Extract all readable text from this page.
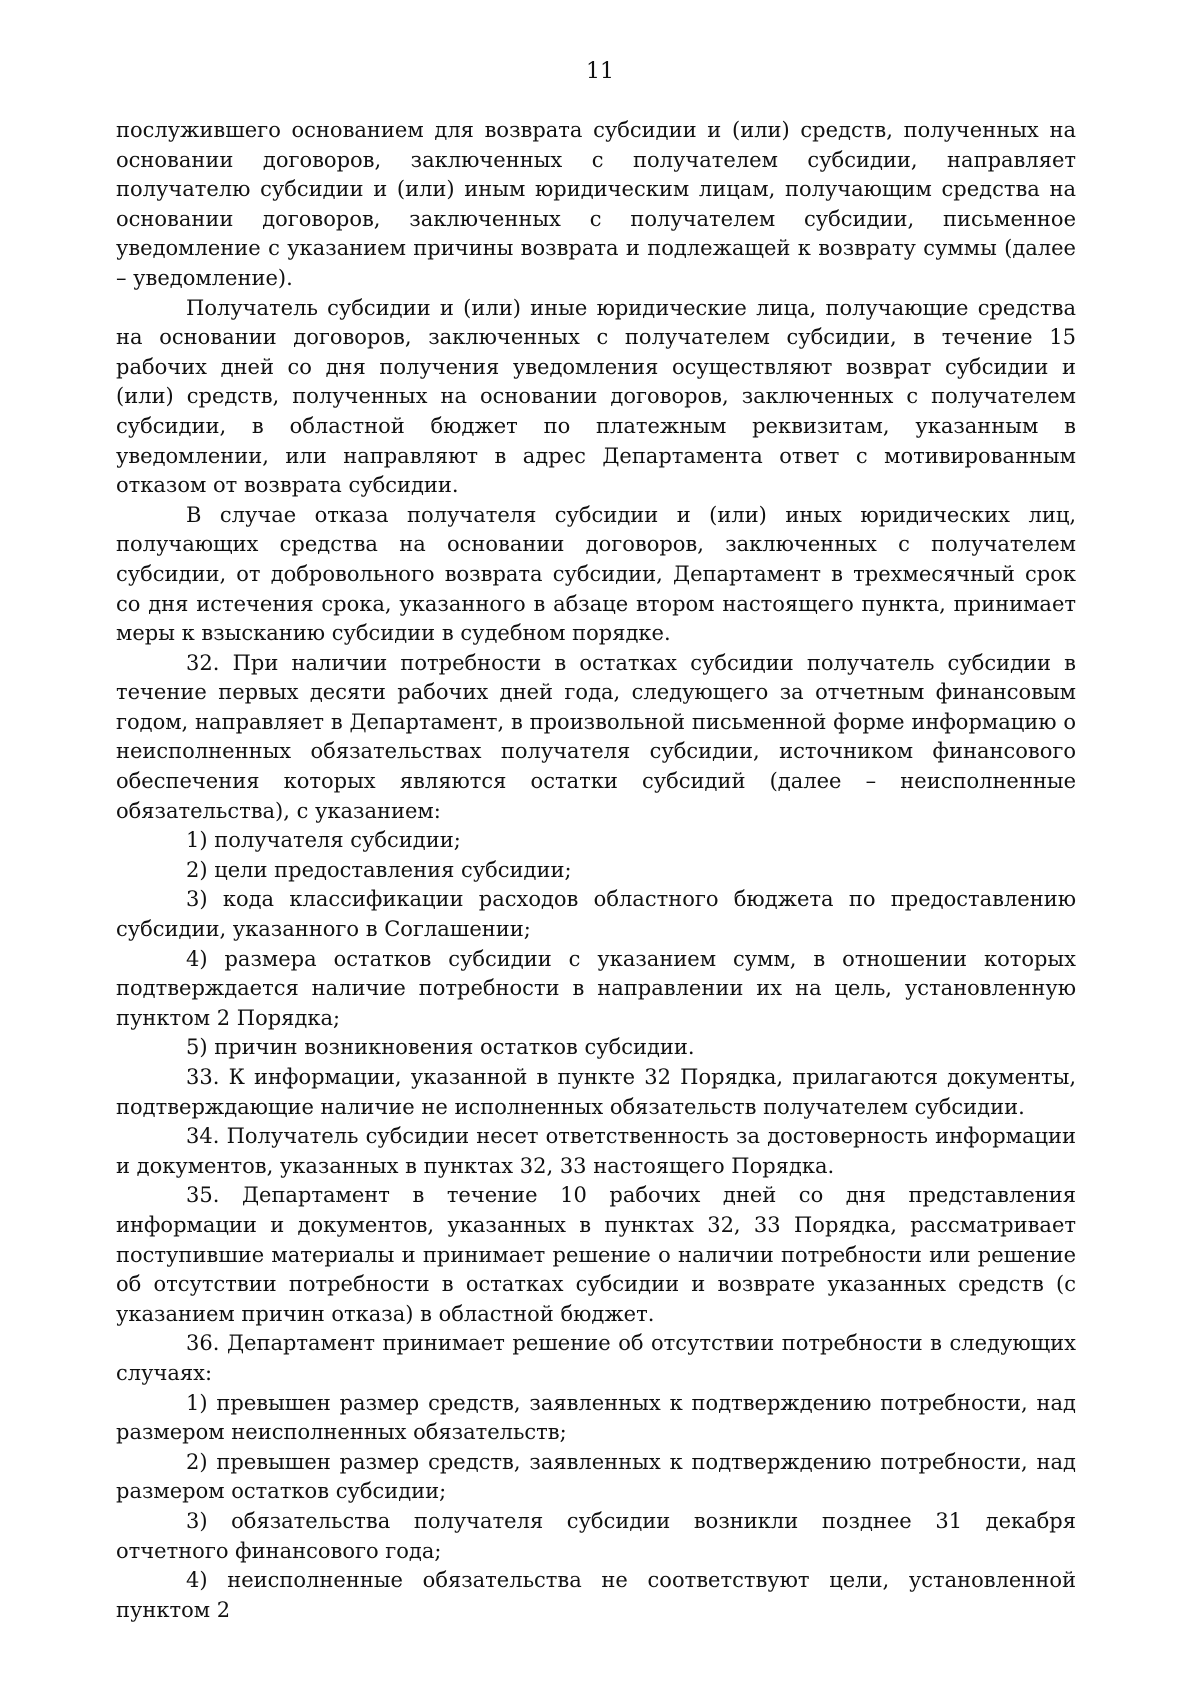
11

послужившего основанием для возврата субсидии и (или) средств, полученных на основании договоров, заключенных с получателем субсидии, направляет получателю субсидии и (или) иным юридическим лицам, получающим средства на основании договоров, заключенных с получателем субсидии, письменное уведомление с указанием причины возврата и подлежащей к возврату суммы (далее – уведомление).

Получатель субсидии и (или) иные юридические лица, получающие средства на основании договоров, заключенных с получателем субсидии, в течение 15 рабочих дней со дня получения уведомления осуществляют возврат субсидии и (или) средств, полученных на основании договоров, заключенных с получателем субсидии, в областной бюджет по платежным реквизитам, указанным в уведомлении, или направляют в адрес Департамента ответ с мотивированным отказом от возврата субсидии.

В случае отказа получателя субсидии и (или) иных юридических лиц, получающих средства на основании договоров, заключенных с получателем субсидии, от добровольного возврата субсидии, Департамент в трехмесячный срок со дня истечения срока, указанного в абзаце втором настоящего пункта, принимает меры к взысканию субсидии в судебном порядке.

32. При наличии потребности в остатках субсидии получатель субсидии в течение первых десяти рабочих дней года, следующего за отчетным финансовым годом, направляет в Департамент, в произвольной письменной форме информацию о неисполненных обязательствах получателя субсидии, источником финансового обеспечения которых являются остатки субсидий (далее – неисполненные обязательства), с указанием:

1) получателя субсидии;

2) цели предоставления субсидии;

3) кода классификации расходов областного бюджета по предоставлению субсидии, указанного в Соглашении;

4) размера остатков субсидии с указанием сумм, в отношении которых подтверждается наличие потребности в направлении их на цель, установленную пунктом 2 Порядка;

5) причин возникновения остатков субсидии.

33. К информации, указанной в пункте 32 Порядка, прилагаются документы, подтверждающие наличие не исполненных обязательств получателем субсидии.

34. Получатель субсидии несет ответственность за достоверность информации и документов, указанных в пунктах 32, 33 настоящего Порядка.

35. Департамент в течение 10 рабочих дней со дня представления информации и документов, указанных в пунктах 32, 33 Порядка, рассматривает поступившие материалы и принимает решение о наличии потребности или решение об отсутствии потребности в остатках субсидии и возврате указанных средств (с указанием причин отказа) в областной бюджет.

36. Департамент принимает решение об отсутствии потребности в следующих случаях:

1) превышен размер средств, заявленных к подтверждению потребности, над размером неисполненных обязательств;

2) превышен размер средств, заявленных к подтверждению потребности, над размером остатков субсидии;

3) обязательства получателя субсидии возникли позднее 31 декабря отчетного финансового года;

4) неисполненные обязательства не соответствуют цели, установленной пунктом 2
